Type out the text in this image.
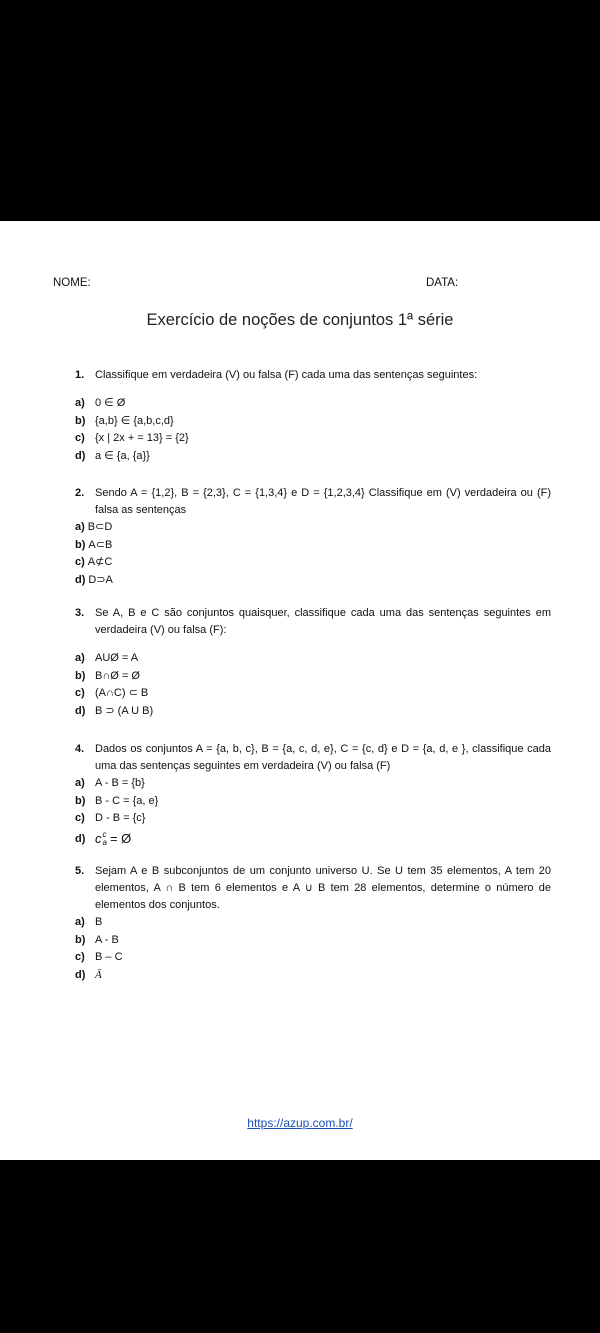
NOME:	DATA:
Exercício de noções de conjuntos 1ª série
1. Classifique em verdadeira (V) ou falsa (F) cada uma das sentenças seguintes:
a) 0 ∈ Ø
b) {a,b} ∈ {a,b,c,d}
c) {x | 2x + = 13} = {2}
d) a ∈ {a, {a}}
2. Sendo A = {1,2}, B = {2,3}, C = {1,3,4} e D = {1,2,3,4} Classifique em (V) verdadeira ou (F) falsa as sentenças
a) B⊂D
b) A⊂B
c) A⊄C
d) D⊃A
3. Se A, B e C são conjuntos quaisquer, classifique cada uma das sentenças seguintes em verdadeira (V) ou falsa (F):
a) AUØ = A
b) B∩Ø = Ø
c) (A∩C) ⊂ B
d) B ⊃ (A U B)
4. Dados os conjuntos A = {a, b, c}, B = {a, c, d, e}, C = {c, d} e D = {a, d, e }, classifique cada uma das sentenças seguintes em verdadeira (V) ou falsa (F)
a) A - B = {b}
b) B - C = {a, e}
c) D - B = {c}
d) c c
a = Ø
5. Sejam A e B subconjuntos de um conjunto universo U. Se U tem 35 elementos, A tem 20 elementos, A ∩ B tem 6 elementos e A ∪ B tem 28 elementos, determine o número de elementos dos conjuntos.
a) B
b) A - B
c) B – C
d) Ā
https://azup.com.br/
